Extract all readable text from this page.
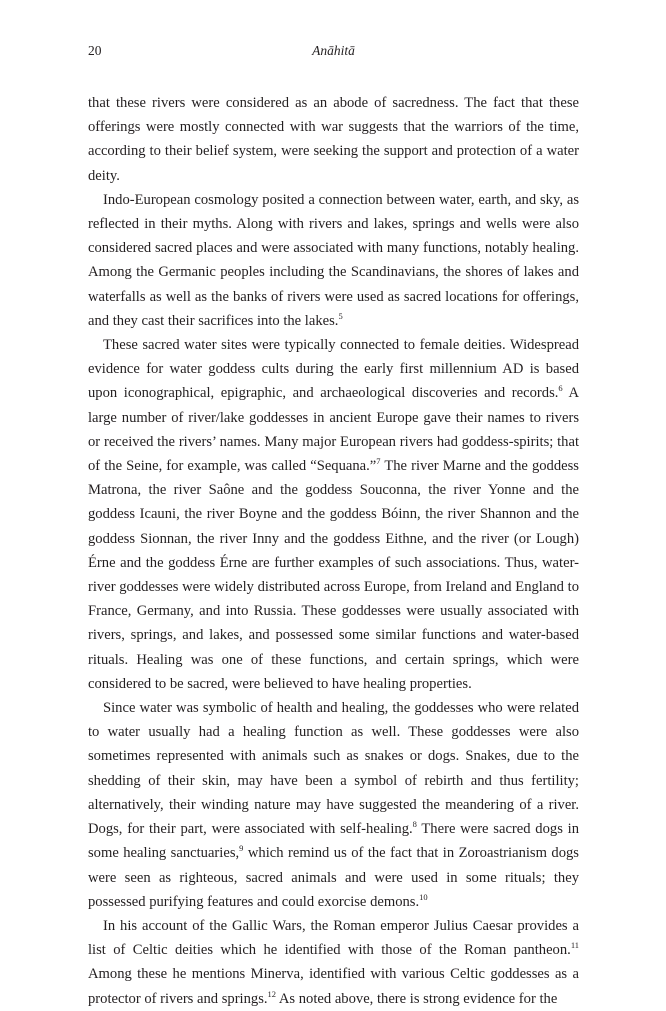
20	Anāhitā

that these rivers were considered as an abode of sacredness. The fact that these offerings were mostly connected with war suggests that the warriors of the time, according to their belief system, were seeking the support and protection of a water deity.

Indo-European cosmology posited a connection between water, earth, and sky, as reflected in their myths. Along with rivers and lakes, springs and wells were also considered sacred places and were associated with many functions, notably healing. Among the Germanic peoples including the Scandinavians, the shores of lakes and waterfalls as well as the banks of rivers were used as sacred locations for offerings, and they cast their sacrifices into the lakes.$^5$

These sacred water sites were typically connected to female deities. Widespread evidence for water goddess cults during the early first millennium AD is based upon iconographical, epigraphic, and archaeological discoveries and records.$^6$ A large number of river/lake goddesses in ancient Europe gave their names to rivers or received the rivers’ names. Many major European rivers had goddess-spirits; that of the Seine, for example, was called “Sequana.”$^7$ The river Marne and the goddess Matrona, the river Saône and the goddess Souconna, the river Yonne and the goddess Icauni, the river Boyne and the goddess Bóinn, the river Shannon and the goddess Sionnan, the river Inny and the goddess Eithne, and the river (or Lough) Érne and the goddess Érne are further examples of such associations. Thus, water-river goddesses were widely distributed across Europe, from Ireland and England to France, Germany, and into Russia. These goddesses were usually associated with rivers, springs, and lakes, and possessed some similar functions and water-based rituals. Healing was one of these functions, and certain springs, which were considered to be sacred, were believed to have healing properties.

Since water was symbolic of health and healing, the goddesses who were related to water usually had a healing function as well. These goddesses were also sometimes represented with animals such as snakes or dogs. Snakes, due to the shedding of their skin, may have been a symbol of rebirth and thus fertility; alternatively, their winding nature may have suggested the meandering of a river. Dogs, for their part, were associated with self-healing.$^8$ There were sacred dogs in some healing sanctuaries,$^9$ which remind us of the fact that in Zoroastrianism dogs were seen as righteous, sacred animals and were used in some rituals; they possessed purifying features and could exorcise demons.$^{10}$

In his account of the Gallic Wars, the Roman emperor Julius Caesar provides a list of Celtic deities which he identified with those of the Roman pantheon.$^{11}$ Among these he mentions Minerva, identified with various Celtic goddesses as a protector of rivers and springs.$^{12}$ As noted above, there is strong evidence for the
